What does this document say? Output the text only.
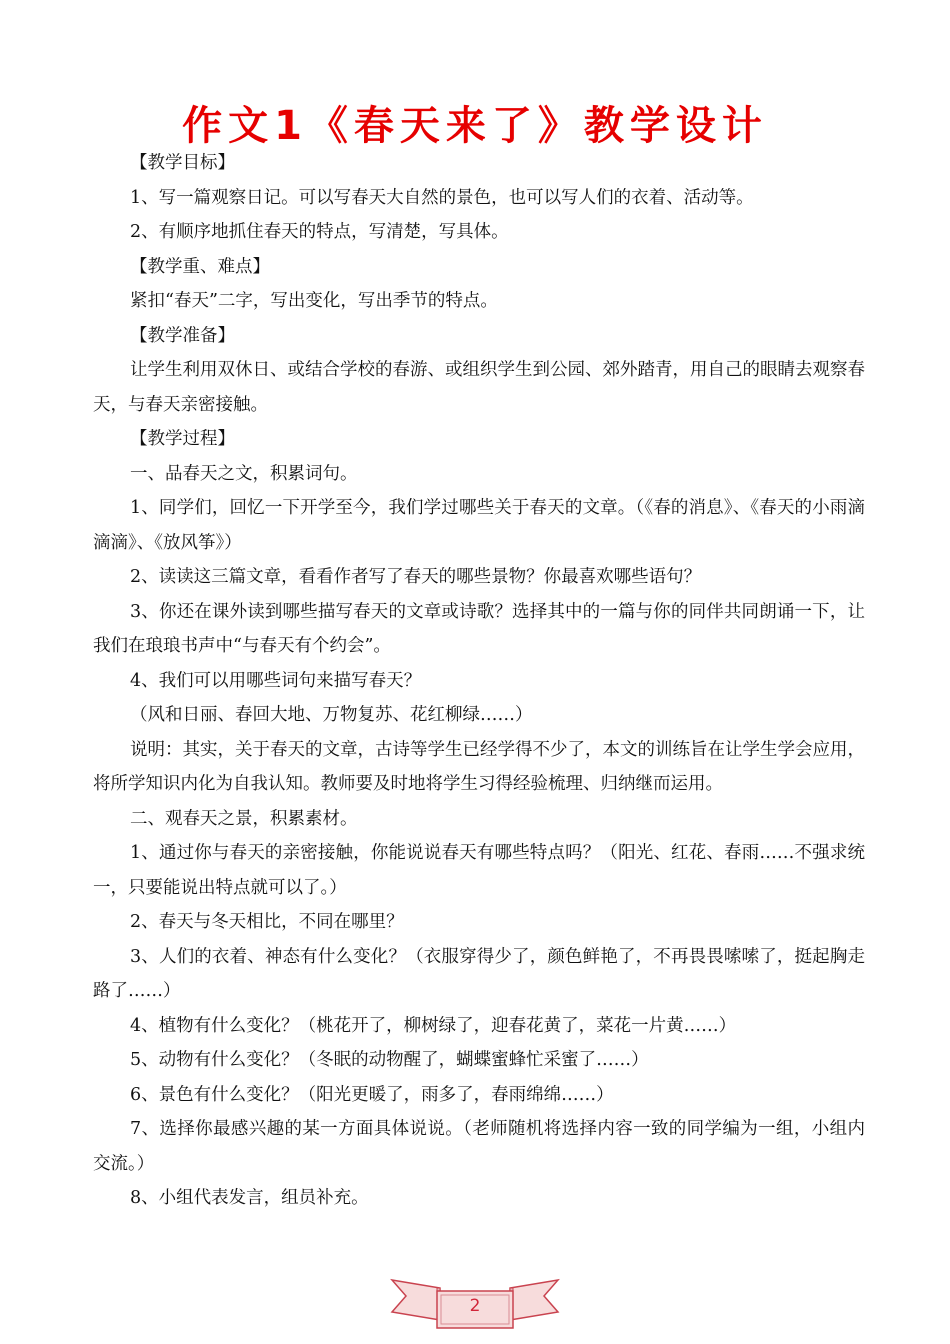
作文1《春天来了》教学设计

【教学目标】

1、写一篇观察日记。可以写春天大自然的景色，也可以写人们的衣着、活动等。

2、有顺序地抓住春天的特点，写清楚，写具体。

【教学重、难点】

紧扣“春天”二字，写出变化，写出季节的特点。

【教学准备】

让学生利用双休日、或结合学校的春游、或组织学生到公园、郊外踏青，用自己的眼睛去观察春天，与春天亲密接触。

【教学过程】

一、品春天之文，积累词句。

1、同学们，回忆一下开学至今，我们学过哪些关于春天的文章。（《春的消息》、《春天的小雨滴滴滴》、《放风筝》）

2、读读这三篇文章，看看作者写了春天的哪些景物？你最喜欢哪些语句？

3、你还在课外读到哪些描写春天的文章或诗歌？选择其中的一篇与你的同伴共同朗诵一下，让我们在琅琅书声中“与春天有个约会”。

4、我们可以用哪些词句来描写春天？

（风和日丽、春回大地、万物复苏、花红柳绿……）

说明：其实，关于春天的文章，古诗等学生已经学得不少了，本文的训练旨在让学生学会应用，将所学知识内化为自我认知。教师要及时地将学生习得经验梳理、归纳继而运用。

二、观春天之景，积累素材。

1、通过你与春天的亲密接触，你能说说春天有哪些特点吗？（阳光、红花、春雨……不强求统一，只要能说出特点就可以了。）

2、春天与冬天相比，不同在哪里？

3、人们的衣着、神态有什么变化？（衣服穿得少了，颜色鲜艳了，不再畏畏嗦嗦了，挺起胸走路了……）

4、植物有什么变化？（桃花开了，柳树绿了，迎春花黄了，菜花一片黄……）

5、动物有什么变化？（冬眠的动物醒了，蝴蝶蜜蜂忙采蜜了……）

6、景色有什么变化？（阳光更暖了，雨多了，春雨绵绵……）

7、选择你最感兴趣的某一方面具体说说。（老师随机将选择内容一致的同学编为一组，小组内交流。）

8、小组代表发言，组员补充。

2
